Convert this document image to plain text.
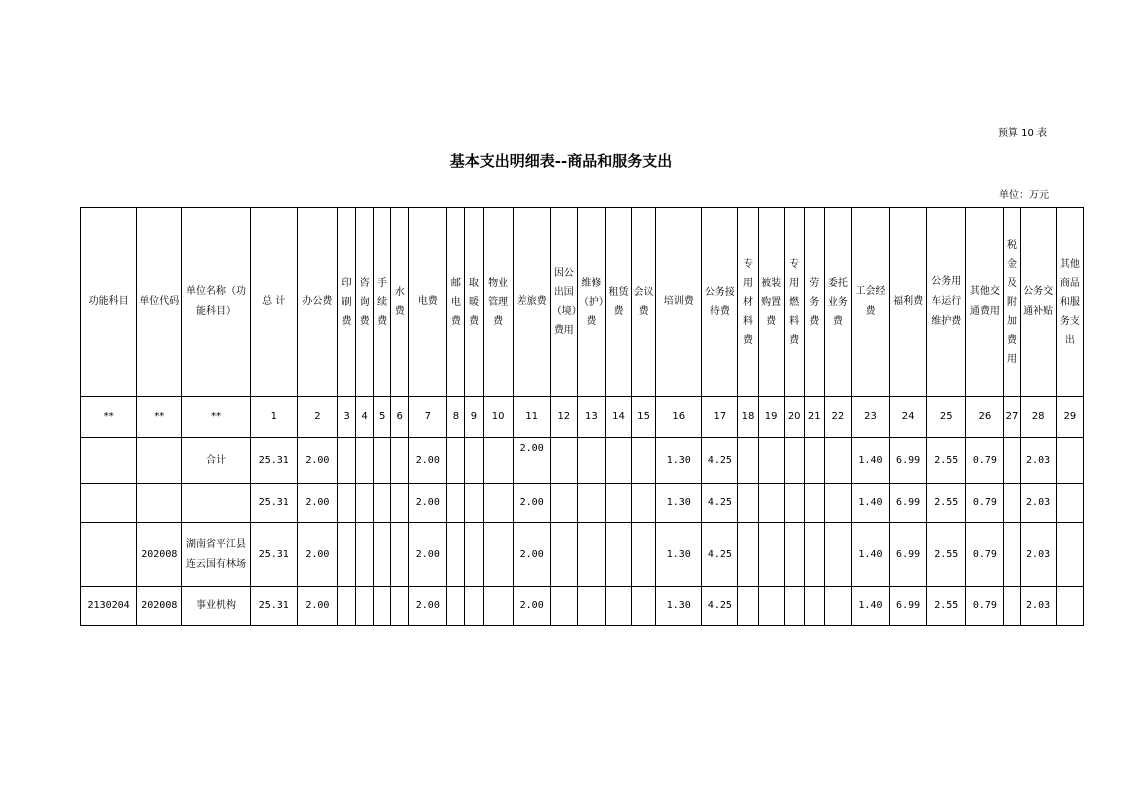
预算 10 表
基本支出明细表--商品和服务支出
单位：万元
功能科目	单位代码	单位名称（功能科目）	总 计	办公费	印刷费	咨询费	手续费	水费	电费	邮电费	取暖费	物业管理费	差旅费	因公出国（境）费用	维修（护）费	租赁费	会议费	培训费	公务接待费	专用材料费	被装购置费	专用燃料费	劳务费	委托业务费	工会经费	福利费	公务用车运行维护费	其他交通费用	税金及附加费用	公务交通补贴	其他商品和服务支出
**	**	**	1	2	3	4	5	6	7	8	9	10	11	12	13	14	15	16	17	18	19	20	21	22	23	24	25	26	27	28	29
		合计	25.31	2.00					2.00				2.00					1.30	4.25						1.40	6.99	2.55	0.79		2.03	
			25.31	2.00					2.00				2.00					1.30	4.25						1.40	6.99	2.55	0.79		2.03	
	202008	湖南省平江县连云国有林场	25.31	2.00					2.00				2.00					1.30	4.25						1.40	6.99	2.55	0.79		2.03	
2130204	202008	事业机构	25.31	2.00					2.00				2.00					1.30	4.25						1.40	6.99	2.55	0.79		2.03	
